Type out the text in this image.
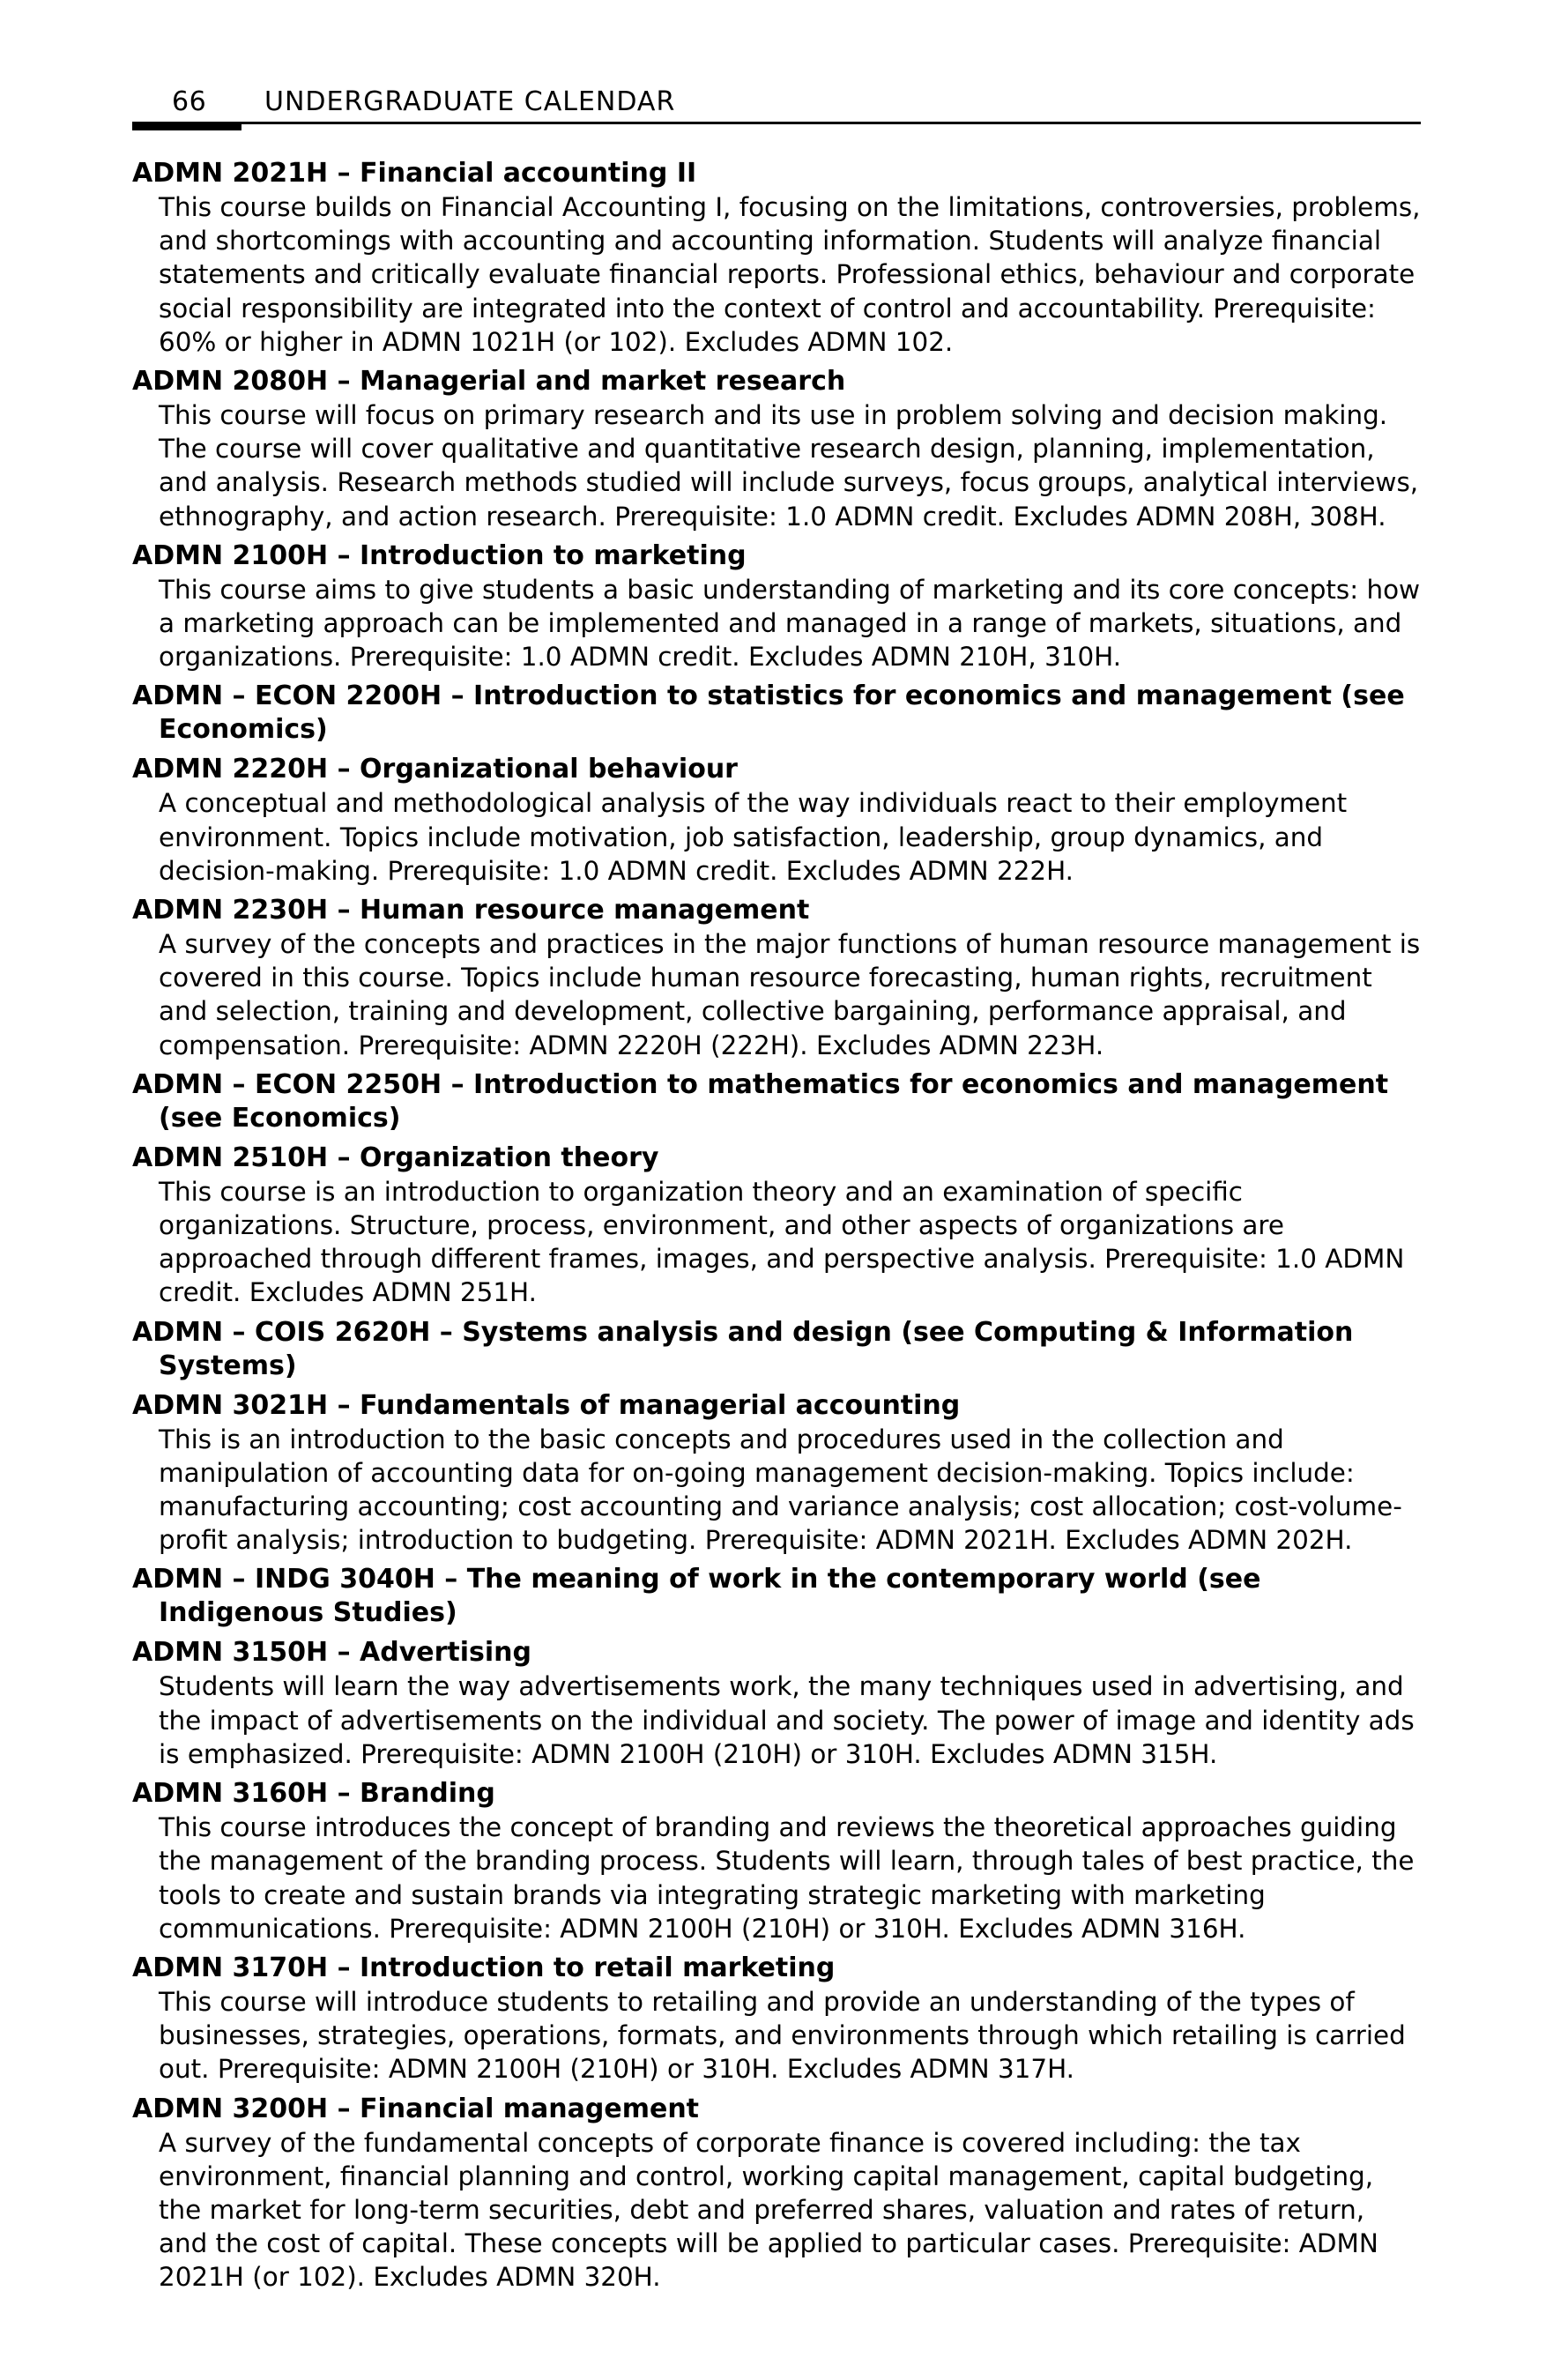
66 UNDERGRADUATE CALENDAR
ADMN 2021H – Financial accounting II
This course builds on Financial Accounting I, focusing on the limitations, controversies, problems, and shortcomings with accounting and accounting information. Students will analyze financial statements and critically evaluate financial reports. Professional ethics, behaviour and corporate social responsibility are integrated into the context of control and accountability. Prerequisite: 60% or higher in ADMN 1021H (or 102). Excludes ADMN 102.
ADMN 2080H – Managerial and market research
This course will focus on primary research and its use in problem solving and decision making. The course will cover qualitative and quantitative research design, planning, implementation, and analysis. Research methods studied will include surveys, focus groups, analytical interviews, ethnography, and action research. Prerequisite: 1.0 ADMN credit. Excludes ADMN 208H, 308H.
ADMN 2100H – Introduction to marketing
This course aims to give students a basic understanding of marketing and its core concepts: how a marketing approach can be implemented and managed in a range of markets, situations, and organizations. Prerequisite: 1.0 ADMN credit. Excludes ADMN 210H, 310H.
ADMN – ECON 2200H – Introduction to statistics for economics and management (see Economics)
ADMN 2220H – Organizational behaviour
A conceptual and methodological analysis of the way individuals react to their employment environment. Topics include motivation, job satisfaction, leadership, group dynamics, and decision-making. Prerequisite: 1.0 ADMN credit. Excludes ADMN 222H.
ADMN 2230H – Human resource management
A survey of the concepts and practices in the major functions of human resource management is covered in this course. Topics include human resource forecasting, human rights, recruitment and selection, training and development, collective bargaining, performance appraisal, and compensation. Prerequisite: ADMN 2220H (222H). Excludes ADMN 223H.
ADMN – ECON 2250H – Introduction to mathematics for economics and management (see Economics)
ADMN 2510H – Organization theory
This course is an introduction to organization theory and an examination of specific organizations. Structure, process, environment, and other aspects of organizations are approached through different frames, images, and perspective analysis. Prerequisite: 1.0 ADMN credit. Excludes ADMN 251H.
ADMN – COIS 2620H – Systems analysis and design (see Computing & Information Systems)
ADMN 3021H – Fundamentals of managerial accounting
This is an introduction to the basic concepts and procedures used in the collection and manipulation of accounting data for on-going management decision-making. Topics include: manufacturing accounting; cost accounting and variance analysis; cost allocation; cost-volume-profit analysis; introduction to budgeting. Prerequisite: ADMN 2021H. Excludes ADMN 202H.
ADMN – INDG 3040H – The meaning of work in the contemporary world (see Indigenous Studies)
ADMN 3150H – Advertising
Students will learn the way advertisements work, the many techniques used in advertising, and the impact of advertisements on the individual and society. The power of image and identity ads is emphasized. Prerequisite: ADMN 2100H (210H) or 310H. Excludes ADMN 315H.
ADMN 3160H – Branding
This course introduces the concept of branding and reviews the theoretical approaches guiding the management of the branding process. Students will learn, through tales of best practice, the tools to create and sustain brands via integrating strategic marketing with marketing communications. Prerequisite: ADMN 2100H (210H) or 310H. Excludes ADMN 316H.
ADMN 3170H – Introduction to retail marketing
This course will introduce students to retailing and provide an understanding of the types of businesses, strategies, operations, formats, and environments through which retailing is carried out. Prerequisite: ADMN 2100H (210H) or 310H. Excludes ADMN 317H.
ADMN 3200H – Financial management
A survey of the fundamental concepts of corporate finance is covered including: the tax environment, financial planning and control, working capital management, capital budgeting, the market for long-term securities, debt and preferred shares, valuation and rates of return, and the cost of capital. These concepts will be applied to particular cases. Prerequisite: ADMN 2021H (or 102). Excludes ADMN 320H.
